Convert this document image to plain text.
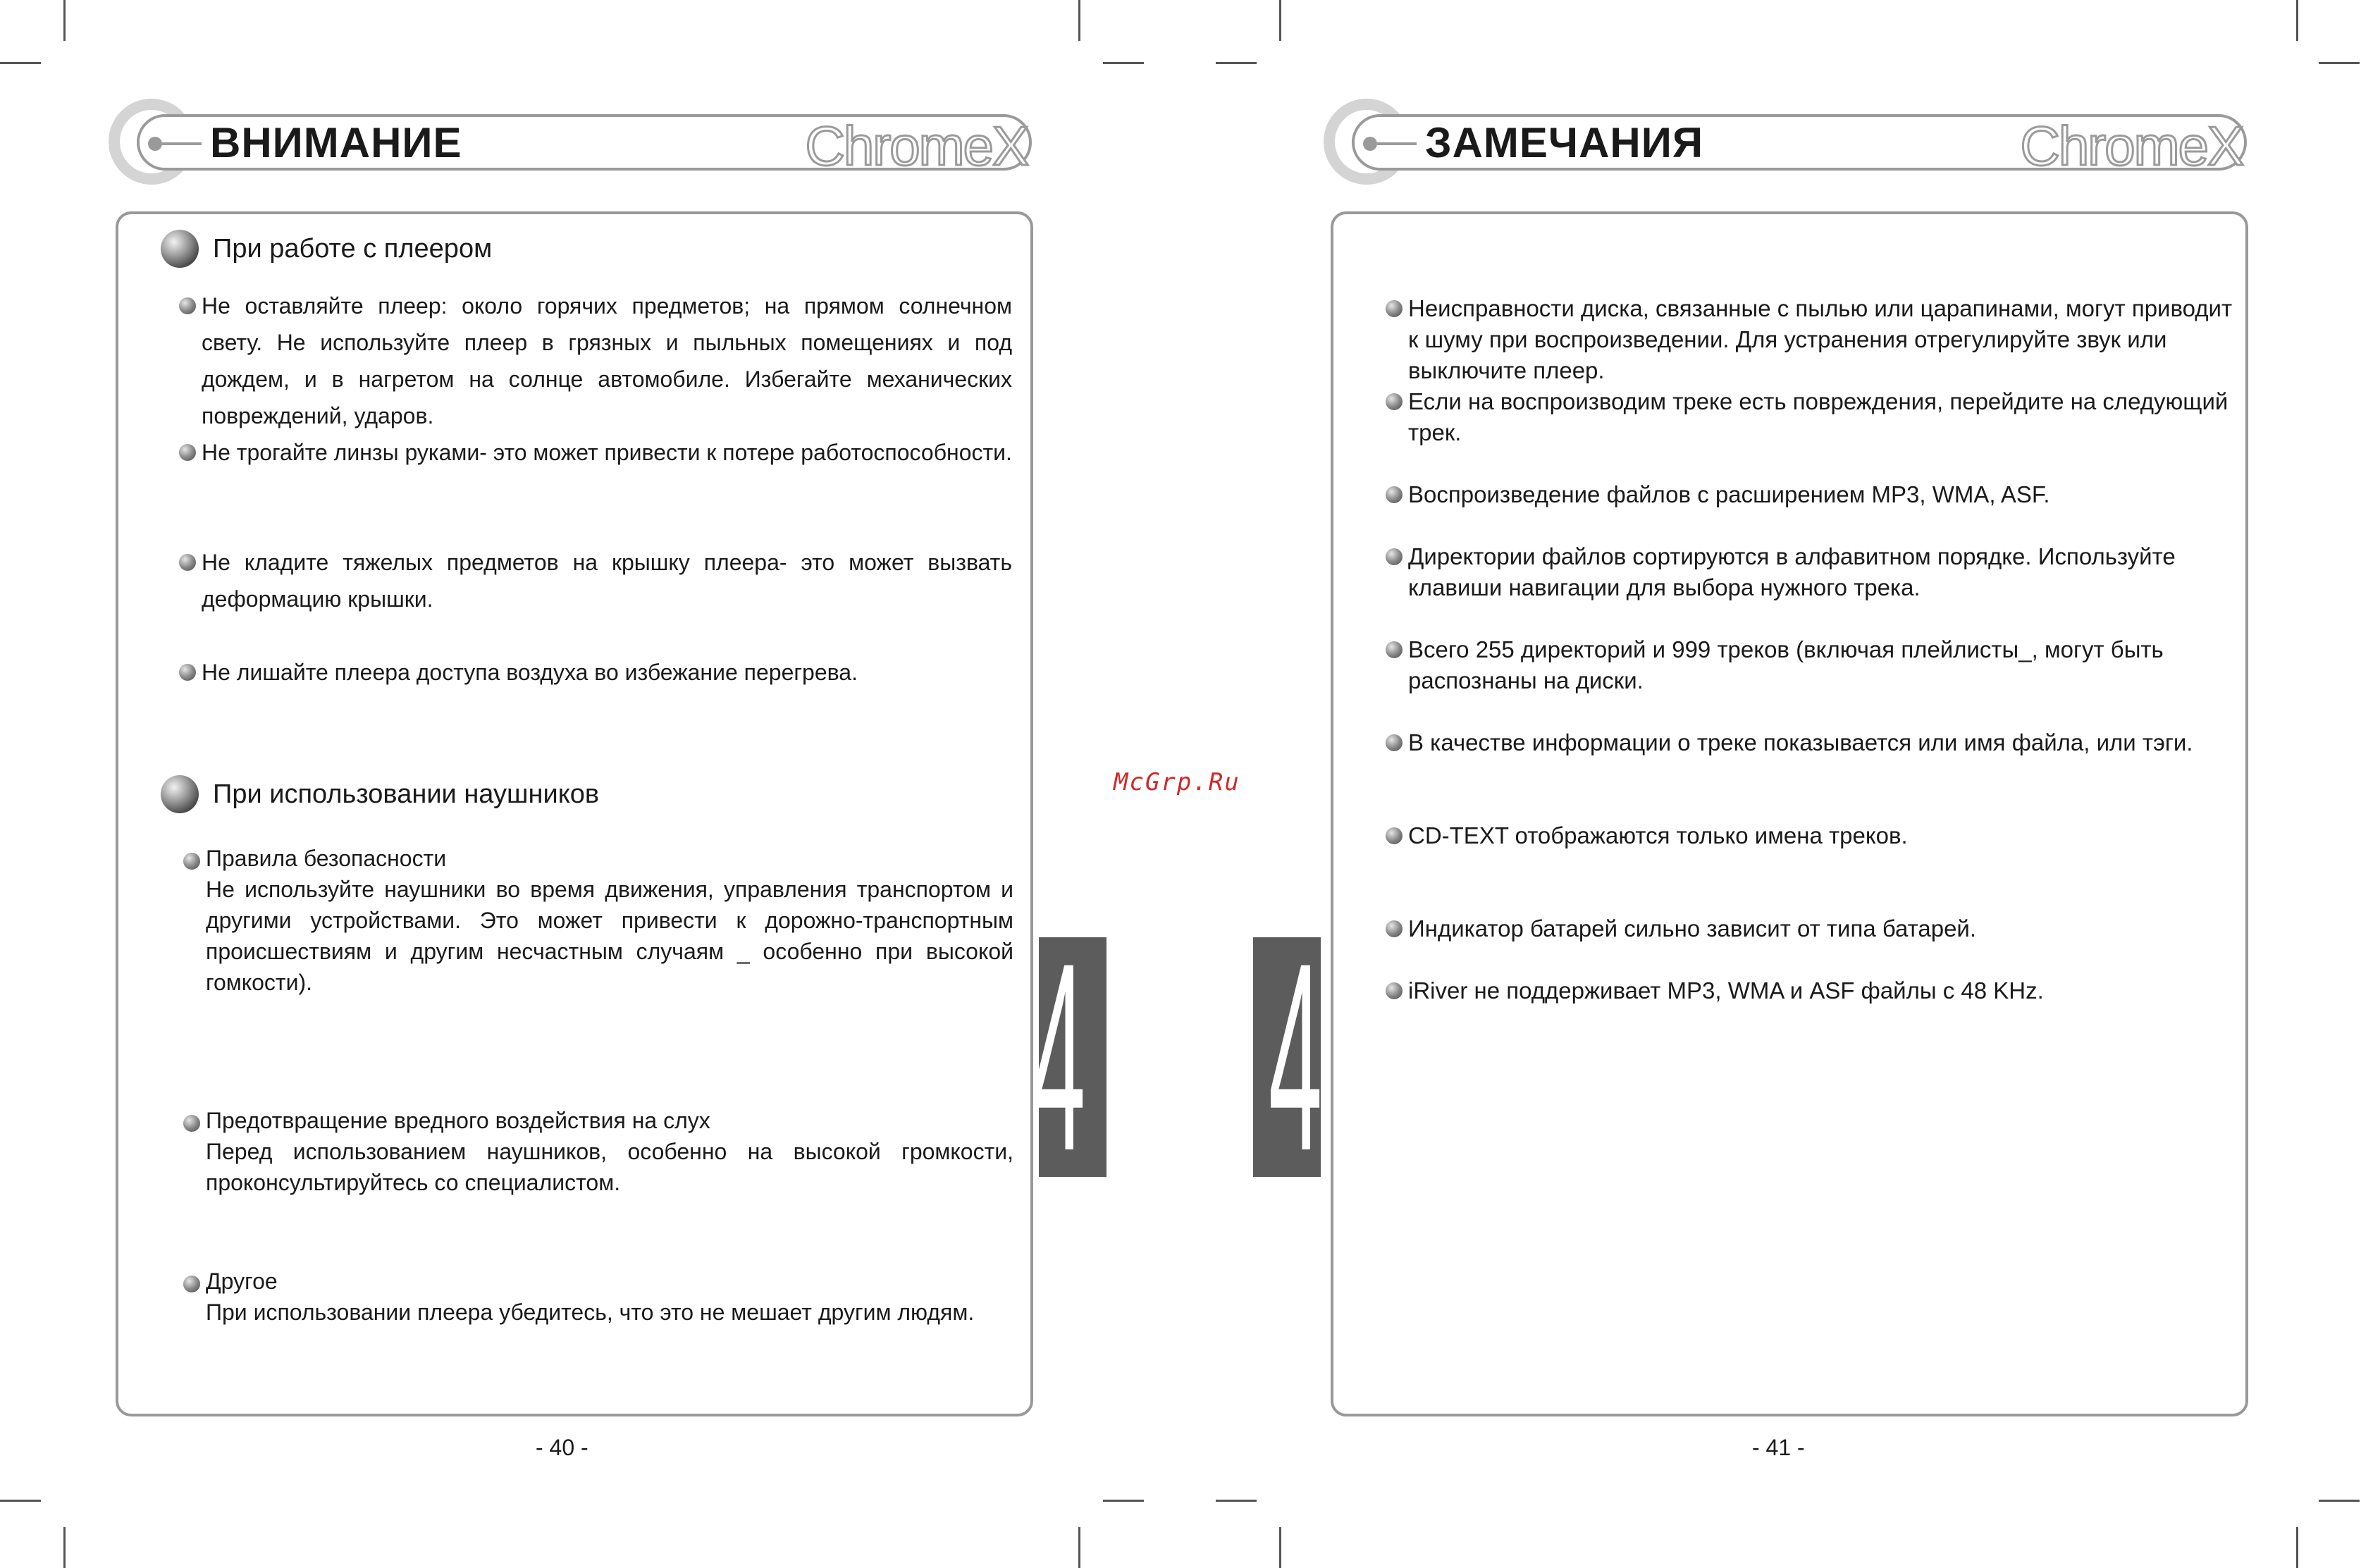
ВНИМАНИЕ	ChromeX
При работе с плеером
Не оставляйте плеер: около горячих предметов; на прямом солнечном свету. Не используйте плеер в грязных и пыльных помещениях и под дождем, и в нагретом на солнце автомобиле. Избегайте механических повреждений, ударов.
Не трогайте линзы руками- это может привести к потере работоспособности.
Не кладите тяжелых предметов на крышку плеера- это может вызвать деформацию крышки.
Не лишайте плеера доступа воздуха во избежание перегрева.
При использовании наушников
Правила безопасности
Не используйте наушники во время движения, управления транспортом и другими устройствами. Это может привести к дорожно-транспортным происшествиям и другим несчастным случаям _ особенно при высокой гомкости).
Предотвращение вредного воздействия на слух
Перед использованием наушников, особенно на высокой громкости, проконсультируйтесь со специалистом.
Другое
При использовании плеера убедитесь, что это не мешает другим людям.
- 40 -
4 4
McGrp.Ru
ЗАМЕЧАНИЯ	ChromeX
Неисправности диска, связанные с пылью или царапинами, могут приводит к шуму при воспроизведении. Для устранения отрегулируйте звук или выключите плеер.
Если на воспроизводим треке есть повреждения, перейдите на следующий трек.
Воспроизведение файлов с расширением MP3, WMA, ASF.
Директории файлов сортируются в алфавитном порядке. Используйте клавиши навигации для выбора нужного трека.
Всего 255 директорий и 999 треков (включая плейлисты_, могут быть распознаны на диски.
В качестве информации о треке показывается или имя файла, или тэги.
CD-TEXT отображаются только имена треков.
Индикатор батарей сильно зависит от типа батарей.
iRiver не поддерживает MP3, WMA и ASF файлы с 48 KHz.
- 41 -
